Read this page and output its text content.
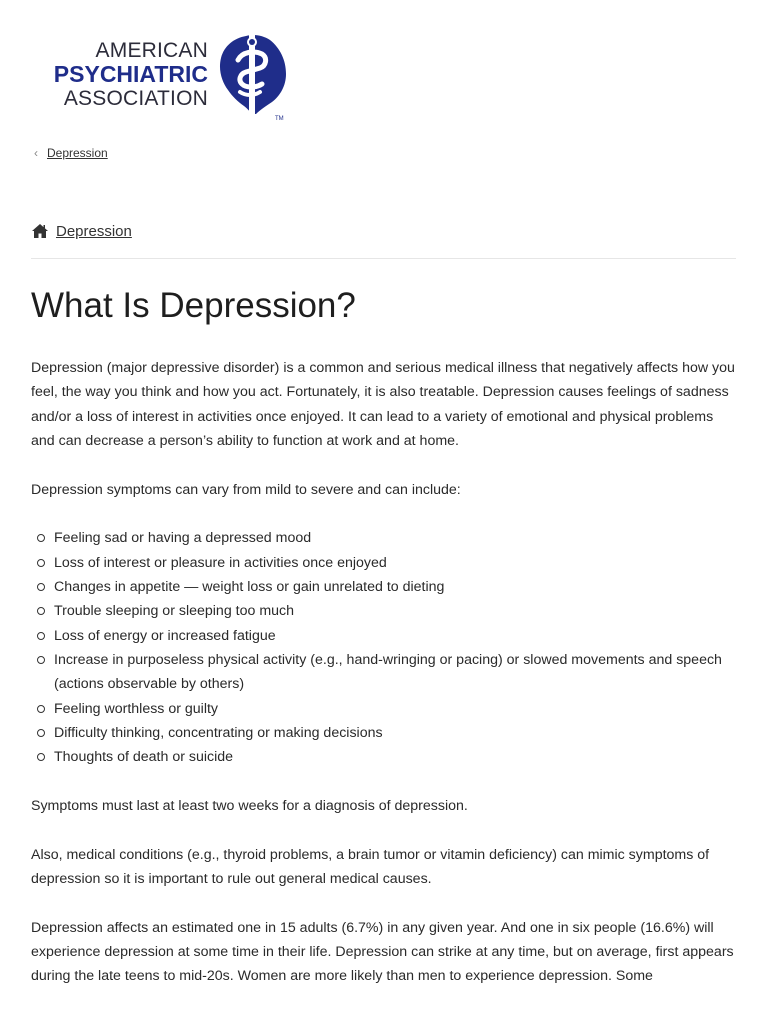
AMERICAN
PSYCHIATRIC
ASSOCIATION
TM
‹ Depression
Depression
What Is Depression?

Depression (major depressive disorder) is a common and serious medical illness that negatively affects how you feel, the way you think and how you act. Fortunately, it is also treatable. Depression causes feelings of sadness and/or a loss of interest in activities once enjoyed. It can lead to a variety of emotional and physical problems and can decrease a person’s ability to function at work and at home.

Depression symptoms can vary from mild to severe and can include:

Feeling sad or having a depressed mood
Loss of interest or pleasure in activities once enjoyed
Changes in appetite — weight loss or gain unrelated to dieting
Trouble sleeping or sleeping too much
Loss of energy or increased fatigue
Increase in purposeless physical activity (e.g., hand-wringing or pacing) or slowed movements and speech (actions observable by others)
Feeling worthless or guilty
Difficulty thinking, concentrating or making decisions
Thoughts of death or suicide

Symptoms must last at least two weeks for a diagnosis of depression.

Also, medical conditions (e.g., thyroid problems, a brain tumor or vitamin deficiency) can mimic symptoms of depression so it is important to rule out general medical causes.

Depression affects an estimated one in 15 adults (6.7%) in any given year. And one in six people (16.6%) will experience depression at some time in their life. Depression can strike at any time, but on average, first appears during the late teens to mid-20s. Women are more likely than men to experience depression. Some
